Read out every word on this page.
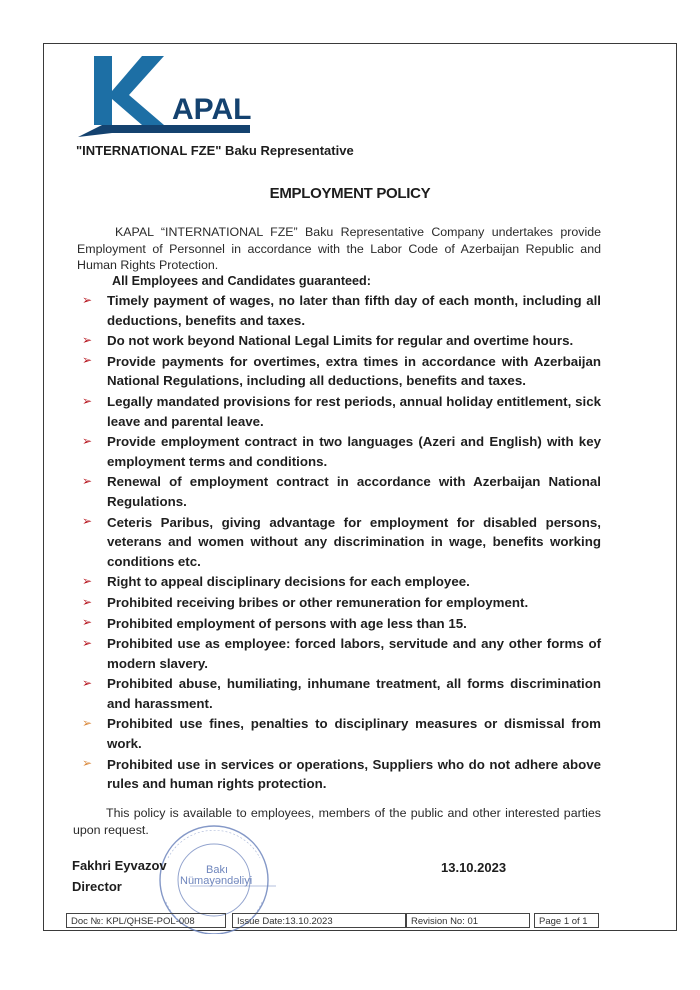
APAL
"INTERNATIONAL FZE" Baku Representative
EMPLOYMENT POLICY
KAPAL “INTERNATIONAL FZE” Baku Representative Company undertakes provide Employment of Personnel in accordance with the Labor Code of Azerbaijan Republic and Human Rights Protection.
All Employees and Candidates guaranteed:
➢ Timely payment of wages, no later than fifth day of each month, including all deductions, benefits and taxes.
➢ Do not work beyond National Legal Limits for regular and overtime hours.
➢ Provide payments for overtimes, extra times in accordance with Azerbaijan National Regulations, including all deductions, benefits and taxes.
➢ Legally mandated provisions for rest periods, annual holiday entitlement, sick leave and parental leave.
➢ Provide employment contract in two languages (Azeri and English) with key employment terms and conditions.
➢ Renewal of employment contract in accordance with Azerbaijan National Regulations.
➢ Ceteris Paribus, giving advantage for employment for disabled persons, veterans and women without any discrimination in wage, benefits working conditions etc.
➢ Right to appeal disciplinary decisions for each employee.
➢ Prohibited receiving bribes or other remuneration for employment.
➢ Prohibited employment of persons with age less than 15.
➢ Prohibited use as employee: forced labors, servitude and any other forms of modern slavery.
➢ Prohibited abuse, humiliating, inhumane treatment, all forms discrimination and harassment.
➢ Prohibited use fines, penalties to disciplinary measures or dismissal from work.
➢ Prohibited use in services or operations, Suppliers who do not adhere above rules and human rights protection.
This policy is available to employees, members of the public and other interested parties upon request.
Bakı
Nümayəndəliyi
Fakhri Eyvazov
Director
13.10.2023
Doc №: KPL/QHSE-POL-008	Issue Date:13.10.2023	Revision No: 01	Page 1 of 1
